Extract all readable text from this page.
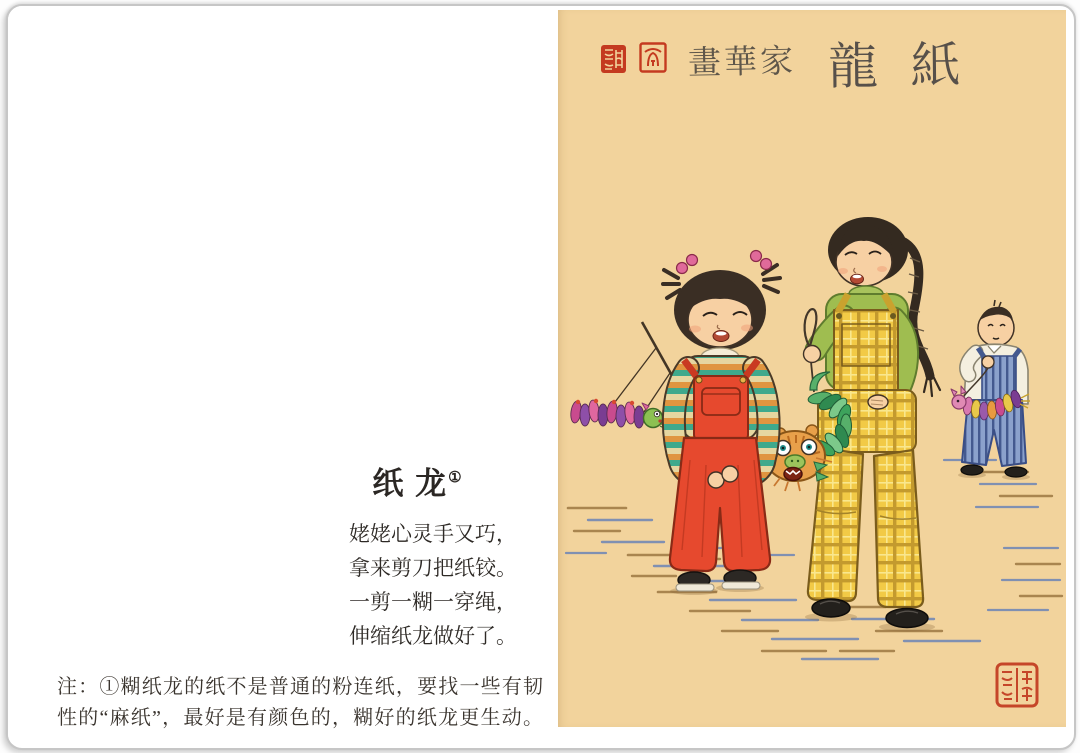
纸 龙①
姥姥心灵手又巧，
拿来剪刀把纸铰。
一剪一糊一穿绳，
伸缩纸龙做好了。
注：①糊纸龙的纸不是普通的粉连纸，要找一些有韧
性的“麻纸”，最好是有颜色的，糊好的纸龙更生动。
龍 紙
畫華家
